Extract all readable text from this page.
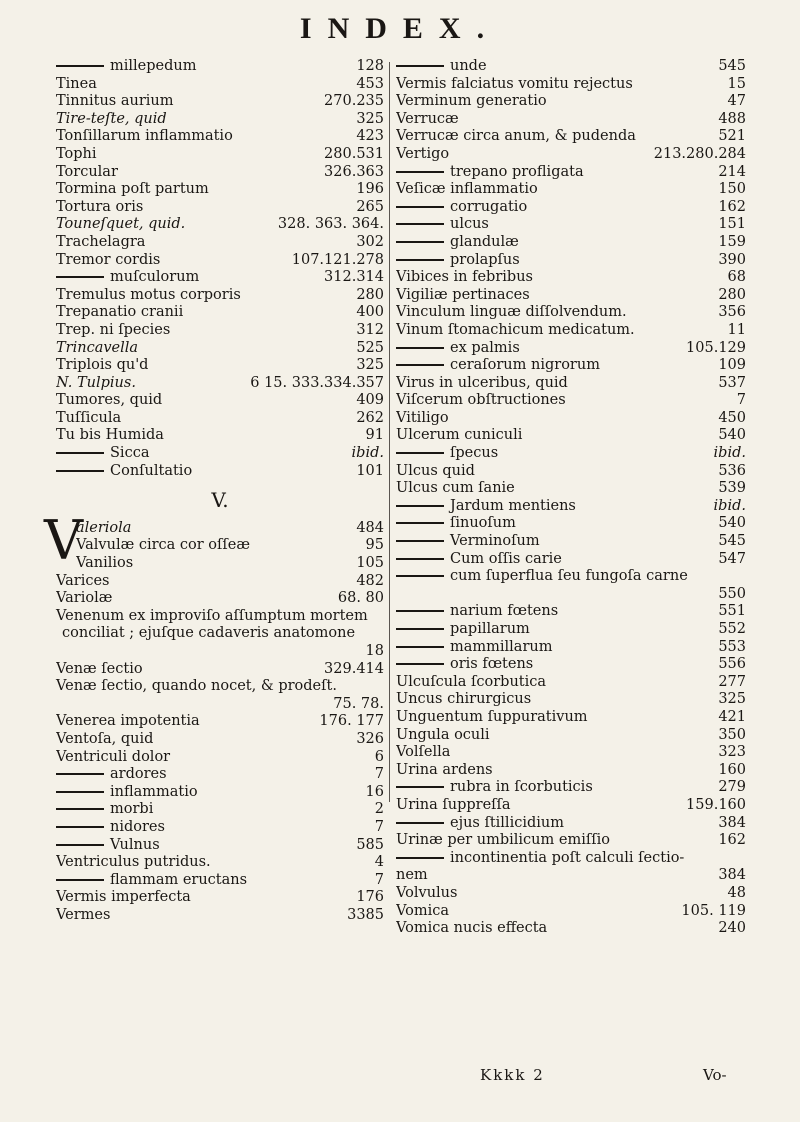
INDEX.
millepedum	128
Tinea	453
Tinnitus aurium	270.235
Tire-teſte, quid	325
Tonſillarum inflammatio	423
Tophi	280.531
Torcular	326.363
Tormina poſt partum	196
Tortura oris	265
Touneſquet, quid.	328. 363. 364.
Trachelagra	302
Tremor cordis	107.121.278
muſculorum	312.314
Tremulus motus corporis	280
Trepanatio cranii	400
Trep. ni ſpecies	312
Trincavella	525
Triplois qu'd	325
N. Tulpius.	6 15. 333.334.357
Tumores, quid	409
Tuſſicula	262
Tu bis Humida	91
Sicca	ibid.
Conſultatio	101
V.
V
aleriola	484
Valvulæ circa cor oſſeæ	95
Vanilios	105
Varices	482
Variolæ	68. 80
Venenum ex improviſo aſſumptum mortem
conciliat ; ejuſque cadaveris anatomone
18
Venæ ſectio	329.414
Venæ ſectio, quando nocet, & prodeſt.
75. 78.
Venerea impotentia	176. 177
Ventoſa, quid	326
Ventriculi dolor	6
ardores	7
inflammatio	16
morbi	2
nidores	7
Vulnus	585
Ventriculus putridus.	4
flammam eructans	7
Vermis imperfecta	176
Vermes	3385
unde	545
Vermis falciatus vomitu rejectus	15
Verminum generatio	47
Verrucæ	488
Verrucæ circa anum, & pudenda	521
Vertigo	213.280.284
trepano profligata	214
Veſicæ inflammatio	150
corrugatio	162
ulcus	151
glandulæ	159
prolapſus	390
Vibices in febribus	68
Vigiliæ pertinaces	280
Vinculum linguæ diſſolvendum.	356
Vinum ſtomachicum medicatum.	11
ex palmis	105.129
ceraſorum nigrorum	109
Virus in ulceribus, quid	537
Viſcerum obſtructiones	7
Vitiligo	450
Ulcerum cuniculi	540
ſpecus	ibid.
Ulcus quid	536
Ulcus cum ſanie	539
Jardum mentiens	ibid.
ſinuoſum	540
Verminoſum	545
Cum oſſis carie	547
cum ſuperflua ſeu fungoſa carne
550
narium fœtens	551
papillarum	552
mammillarum	553
oris fœtens	556
Ulcuſcula ſcorbutica	277
Uncus chirurgicus	325
Unguentum ſuppurativum	421
Ungula oculi	350
Volſella	323
Urina ardens	160
rubra in ſcorbuticis	279
Urina ſuppreſſa	159.160
ejus ſtillicidium	384
Urinæ per umbilicum emiſſio	162
incontinentia poſt calculi ſectio-
nem	384
Volvulus	48
Vomica	105. 119
Vomica nucis effecta	240
Kkkk 2	Vo-
